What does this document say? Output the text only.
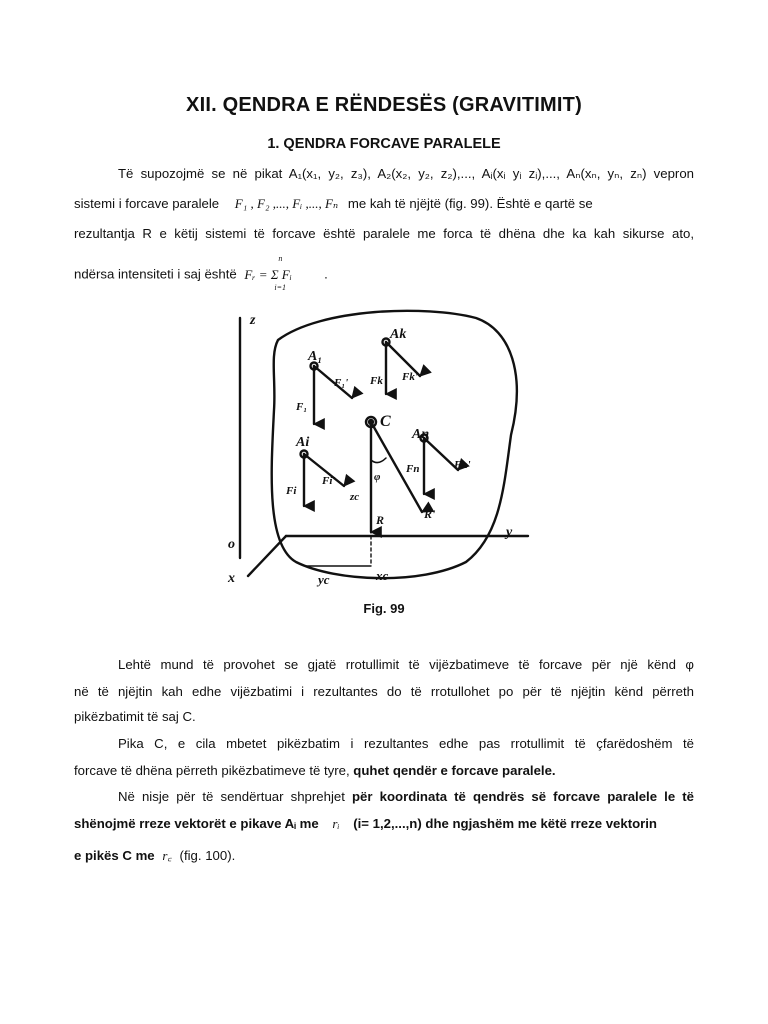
XII. QENDRA E RËNDESËS (GRAVITIMIT)
1. QENDRA FORCAVE PARALELE
Të supozojmë se në pikat A₁(x₁, y₂, z₃), A₂(x₂, y₂, z₂),..., Aᵢ(xᵢ yᵢ zᵢ),..., Aₙ(xₙ, yₙ, zₙ) vepron
sistemi i forcave paralele F₁ , F₂ ,..., Fᵢ ,..., Fₙ me kah të njëjtë (fig. 99). Është e qartë se
rezultantja R e këtij sistemi të forcave është paralele me forca të dhëna dhe ka kah sikurse ato,
ndërsa intensiteti i saj është Fᵣ = Σ Fᵢ
n
i=1
.
z
y
x
o
A₁
Ak
Ai
An
C
F₁
F₁' Fk Fk'
Fi
Fi'
Fn	Fn'
R	R'
φ
zc
yc	xc
Fig. 99
Lehtë mund të provohet se gjatë rrotullimit të vijëzbatimeve të forcave për një kënd φ
në të njëjtin kah edhe vijëzbatimi i rezultantes do të rrotullohet po për të njëjtin kënd përreth
pikëzbatimit të saj C.
Pika C, e cila mbetet pikëzbatim i rezultantes edhe pas rrotullimit të çfarëdoshëm të
forcave të dhëna përreth pikëzbatimeve të tyre, quhet qendër e forcave paralele.
Në nisje për të sendërtuar shprehjet për koordinata të qendrës së forcave paralele le të
shënojmë rreze vektorët e pikave Aᵢ me rᵢ (i= 1,2,...,n) dhe ngjashëm me këtë rreze vektorin
e pikës C me r꜀ (fig. 100).
